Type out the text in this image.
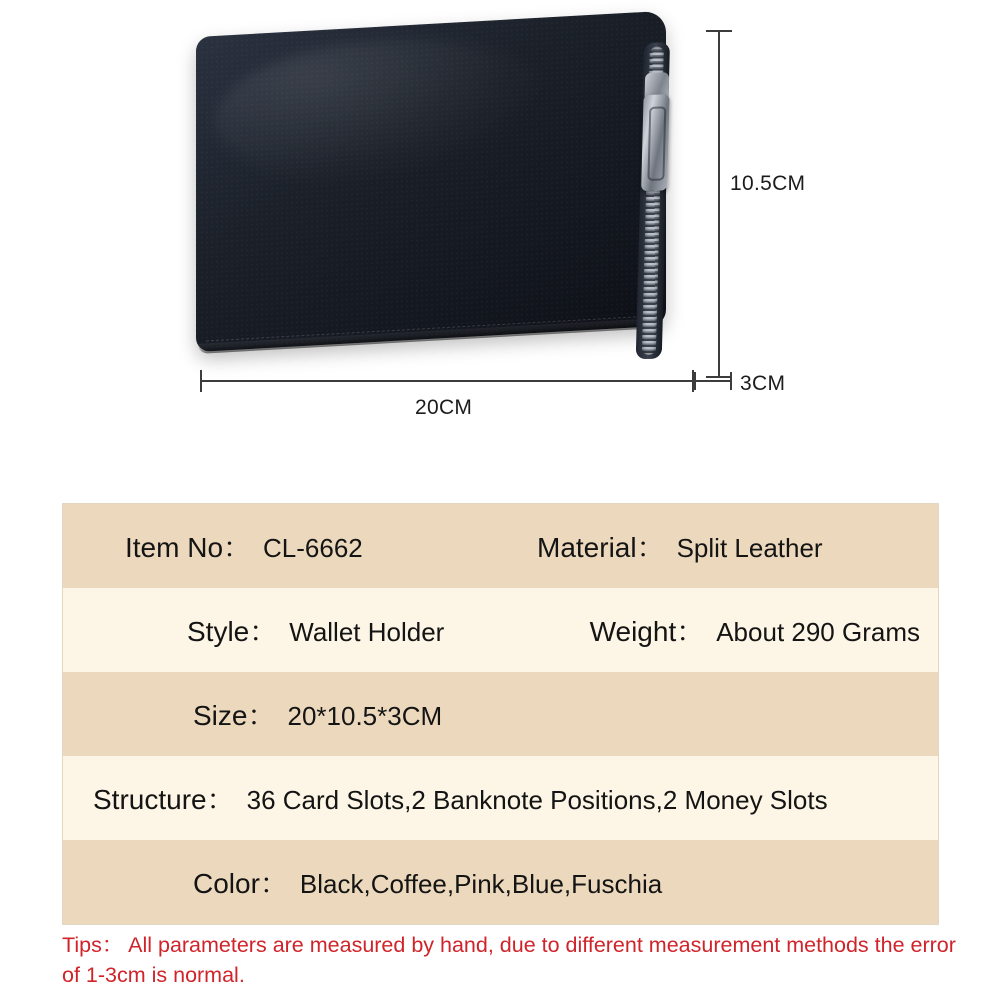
10.5CM
20CM
3CM
Item No： CL-6662	Material： Split Leather
Style： Wallet Holder	Weight： About 290 Grams
Size： 20*10.5*3CM
Structure： 36 Card Slots,2 Banknote Positions,2 Money Slots
Color： Black,Coffee,Pink,Blue,Fuschia
Tips： All parameters are measured by hand, due to different measurement methods the error of 1-3cm is normal.
